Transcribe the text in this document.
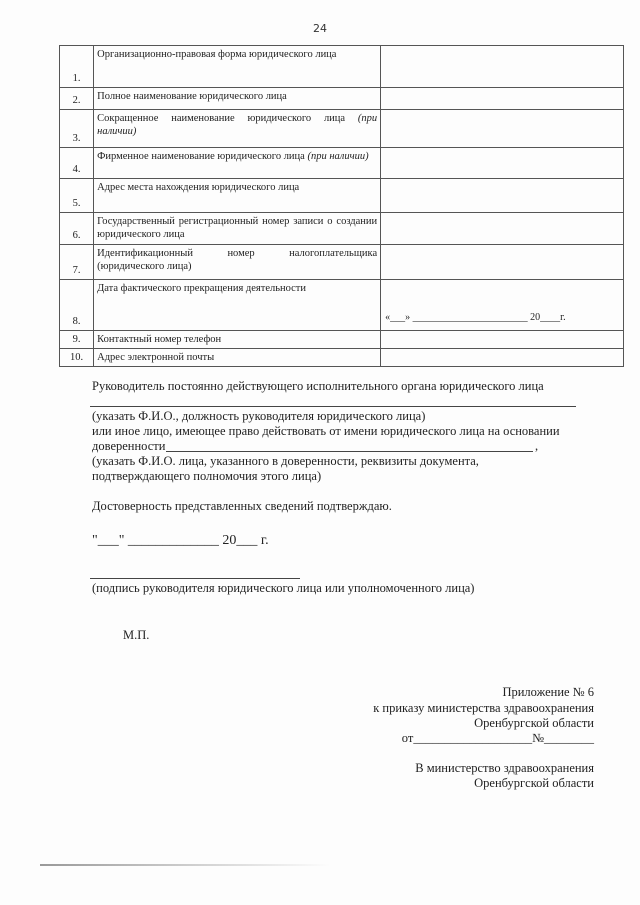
24
1.	Организационно-правовая форма юридического лица	
2.	Полное наименование юридического лица	
3.	Сокращенное наименование юридического лица (при наличии)	
4.	Фирменное наименование юридического лица (при наличии)	
5.	Адрес места нахождения юридического лица	
6.	Государственный регистрационный номер записи о создании юридического лица	
7.	Идентификационный номер налогоплательщика (юридического лица)	
8.	Дата фактического прекращения деятельности	«___» _______________________ 20____г.
9.	Контактный номер телефон	
10.	Адрес электронной почты	
Руководитель постоянно действующего исполнительного органа юридического лица
(указать Ф.И.О., должность руководителя юридического лица)
или иное лицо, имеющее право действовать от имени юридического лица на основании
доверенности	,
(указать Ф.И.О. лица, указанного в доверенности, реквизиты документа,
подтверждающего полномочия этого лица)
Достоверность представленных сведений подтверждаю.
"___" _____________ 20___ г.
(подпись руководителя юридического лица или уполномоченного лица)
М.П.
Приложение № 6
к приказу министерства здравоохранения
Оренбургской области
от___________________№________
В министерство здравоохранения
Оренбургской области
